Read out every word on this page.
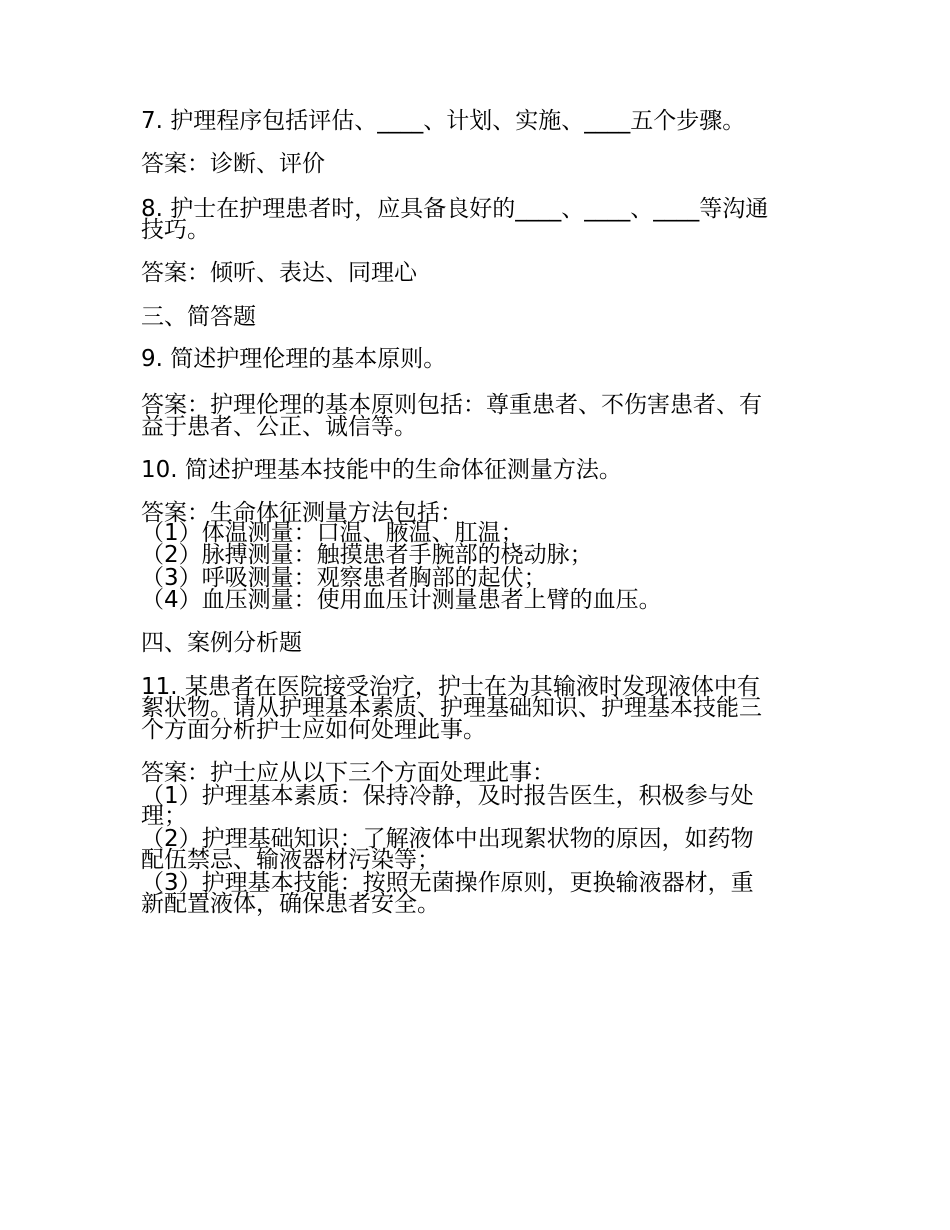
7. 护理程序包括评估、____、计划、实施、____五个步骤。
答案：诊断、评价
8. 护士在护理患者时，应具备良好的____、____、____等沟通
技巧。
答案：倾听、表达、同理心
三、简答题
9. 简述护理伦理的基本原则。
答案：护理伦理的基本原则包括：尊重患者、不伤害患者、有
益于患者、公正、诚信等。
10. 简述护理基本技能中的生命体征测量方法。
答案：生命体征测量方法包括：
（1）体温测量：口温、腋温、肛温；
（2）脉搏测量：触摸患者手腕部的桡动脉；
（3）呼吸测量：观察患者胸部的起伏；
（4）血压测量：使用血压计测量患者上臂的血压。
四、案例分析题
11. 某患者在医院接受治疗，护士在为其输液时发现液体中有
絮状物。请从护理基本素质、护理基础知识、护理基本技能三
个方面分析护士应如何处理此事。
答案：护士应从以下三个方面处理此事：
（1）护理基本素质：保持冷静，及时报告医生，积极参与处
理；
（2）护理基础知识：了解液体中出现絮状物的原因，如药物
配伍禁忌、输液器材污染等；
（3）护理基本技能：按照无菌操作原则，更换输液器材，重
新配置液体，确保患者安全。
